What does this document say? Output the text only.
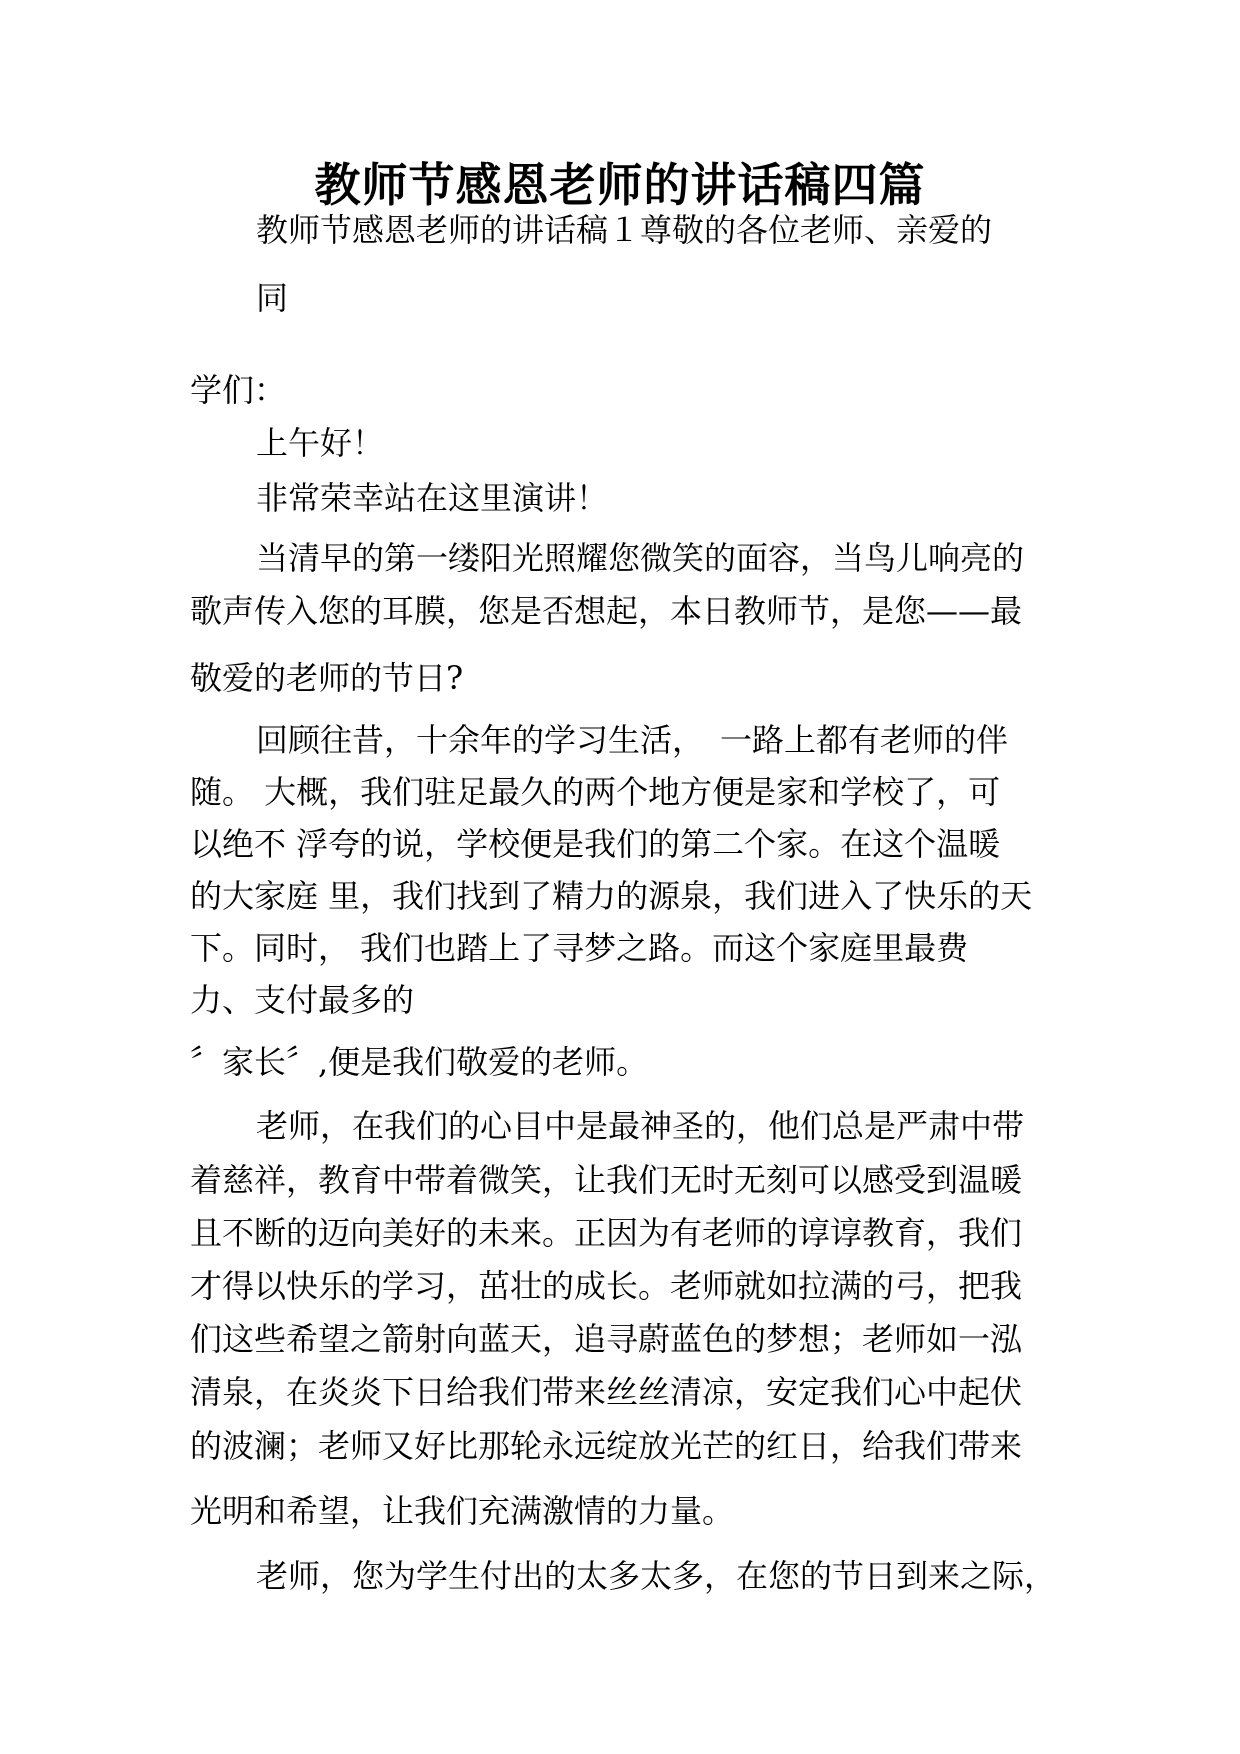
教师节感恩老师的讲话稿四篇

教师节感恩老师的讲话稿１尊敬的各位老师、亲爱的

同

学们：

上午好！

非常荣幸站在这里演讲！

当清早的第一缕阳光照耀您微笑的面容，当鸟儿响亮的

歌声传入您的耳膜，您是否想起，本日教师节，是您——最

敬爱的老师的节日?

回顾往昔，十余年的学习生活，　一路上都有老师的伴

随。 大概，我们驻足最久的两个地方便是家和学校了，可

以绝不 浮夸的说，学校便是我们的第二个家。在这个温暖

的大家庭 里，我们找到了精力的源泉，我们进入了快乐的天

下。同时， 我们也踏上了寻梦之路。而这个家庭里最费

力、支付最多的

〞家长〞,便是我们敬爱的老师。

老师，在我们的心目中是最神圣的，他们总是严肃中带

着慈祥，教育中带着微笑，让我们无时无刻可以感受到温暖

且不断的迈向美好的未来。正因为有老师的谆谆教育，我们

才得以快乐的学习，茁壮的成长。老师就如拉满的弓，把我

们这些希望之箭射向蓝天，追寻蔚蓝色的梦想；老师如一泓

清泉，在炎炎下日给我们带来丝丝清凉，安定我们心中起伏

的波澜；老师又好比那轮永远绽放光芒的红日，给我们带来

光明和希望，让我们充满激情的力量。

老师，您为学生付出的太多太多，在您的节日到来之际，
